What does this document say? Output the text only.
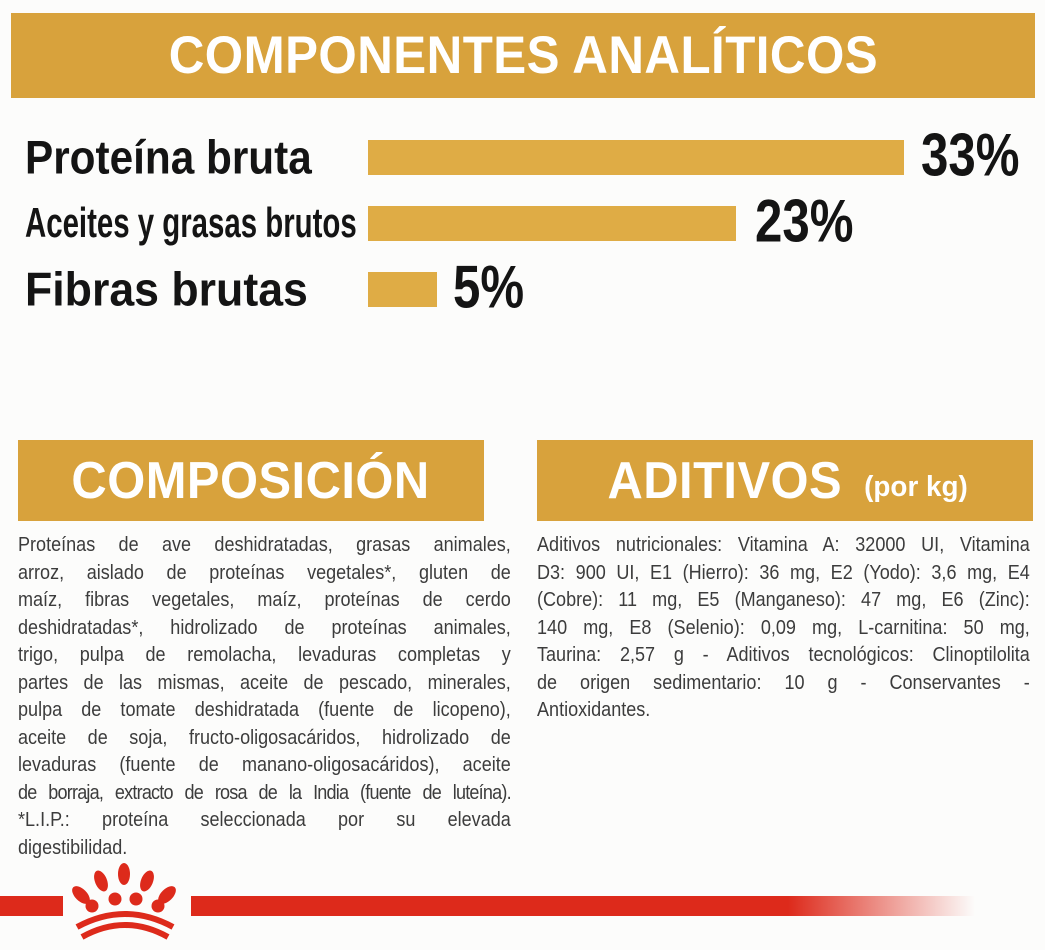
COMPONENTES ANALÍTICOS
Proteína bruta	33%
Aceites y grasas brutos	23%
Fibras brutas 5%
COMPOSICIÓN
Proteínas de ave deshidratadas, grasas animales,
arroz, aislado de proteínas vegetales*, gluten de
maíz, fibras vegetales, maíz, proteínas de cerdo
deshidratadas*, hidrolizado de proteínas animales,
trigo, pulpa de remolacha, levaduras completas y
partes de las mismas, aceite de pescado, minerales,
pulpa de tomate deshidratada (fuente de licopeno),
aceite de soja, fructo-oligosacáridos, hidrolizado de
levaduras (fuente de manano-oligosacáridos), aceite
de borraja, extracto de rosa de la India (fuente de luteína).
*L.I.P.: proteína seleccionada por su elevada
digestibilidad.
ADITIVOS (por kg)
Aditivos nutricionales: Vitamina A: 32000 UI, Vitamina
D3: 900 UI, E1 (Hierro): 36 mg, E2 (Yodo): 3,6 mg, E4
(Cobre): 11 mg, E5 (Manganeso): 47 mg, E6 (Zinc):
140 mg, E8 (Selenio): 0,09 mg, L-carnitina: 50 mg,
Taurina: 2,57 g - Aditivos tecnológicos: Clinoptilolita
de origen sedimentario: 10 g - Conservantes -
Antioxidantes.
